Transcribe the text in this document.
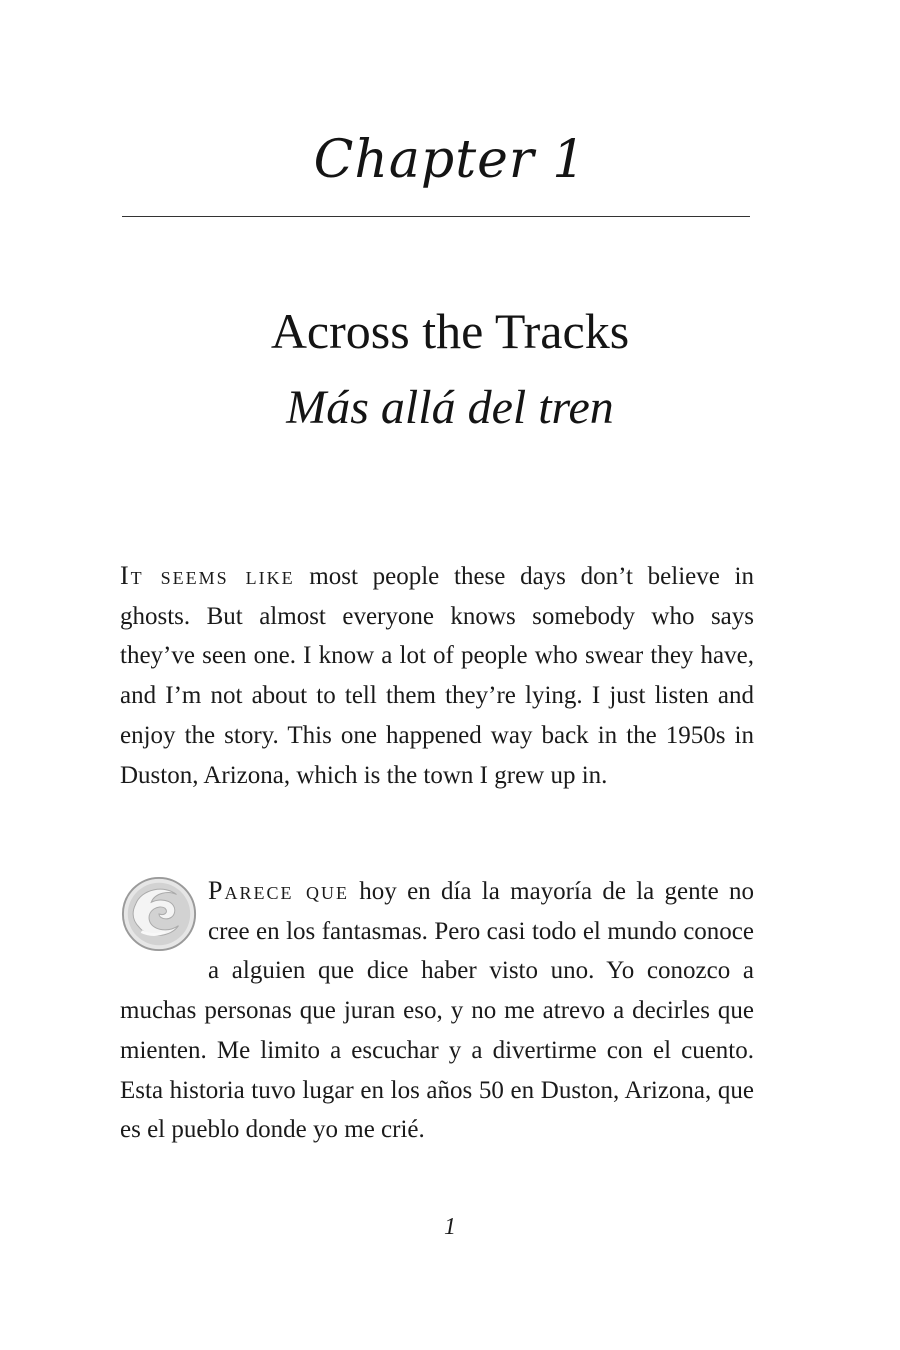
Chapter 1
Across the Tracks
Más allá del tren
It seems like most people these days don’t believe in ghosts. But almost everyone knows somebody who says they’ve seen one. I know a lot of people who swear they have, and I’m not about to tell them they’re lying. I just listen and enjoy the story. This one happened way back in the 1950s in Duston, Arizona, which is the town I grew up in.
Parece que hoy en día la mayoría de la gente no cree en los fantasmas. Pero casi todo el mundo conoce a alguien que dice haber visto uno. Yo conozco a muchas personas que juran eso, y no me atrevo a decirles que mienten. Me limito a escuchar y a divertirme con el cuento. Esta historia tuvo lugar en los años 50 en Duston, Arizona, que es el pueblo donde yo me crié.
1
